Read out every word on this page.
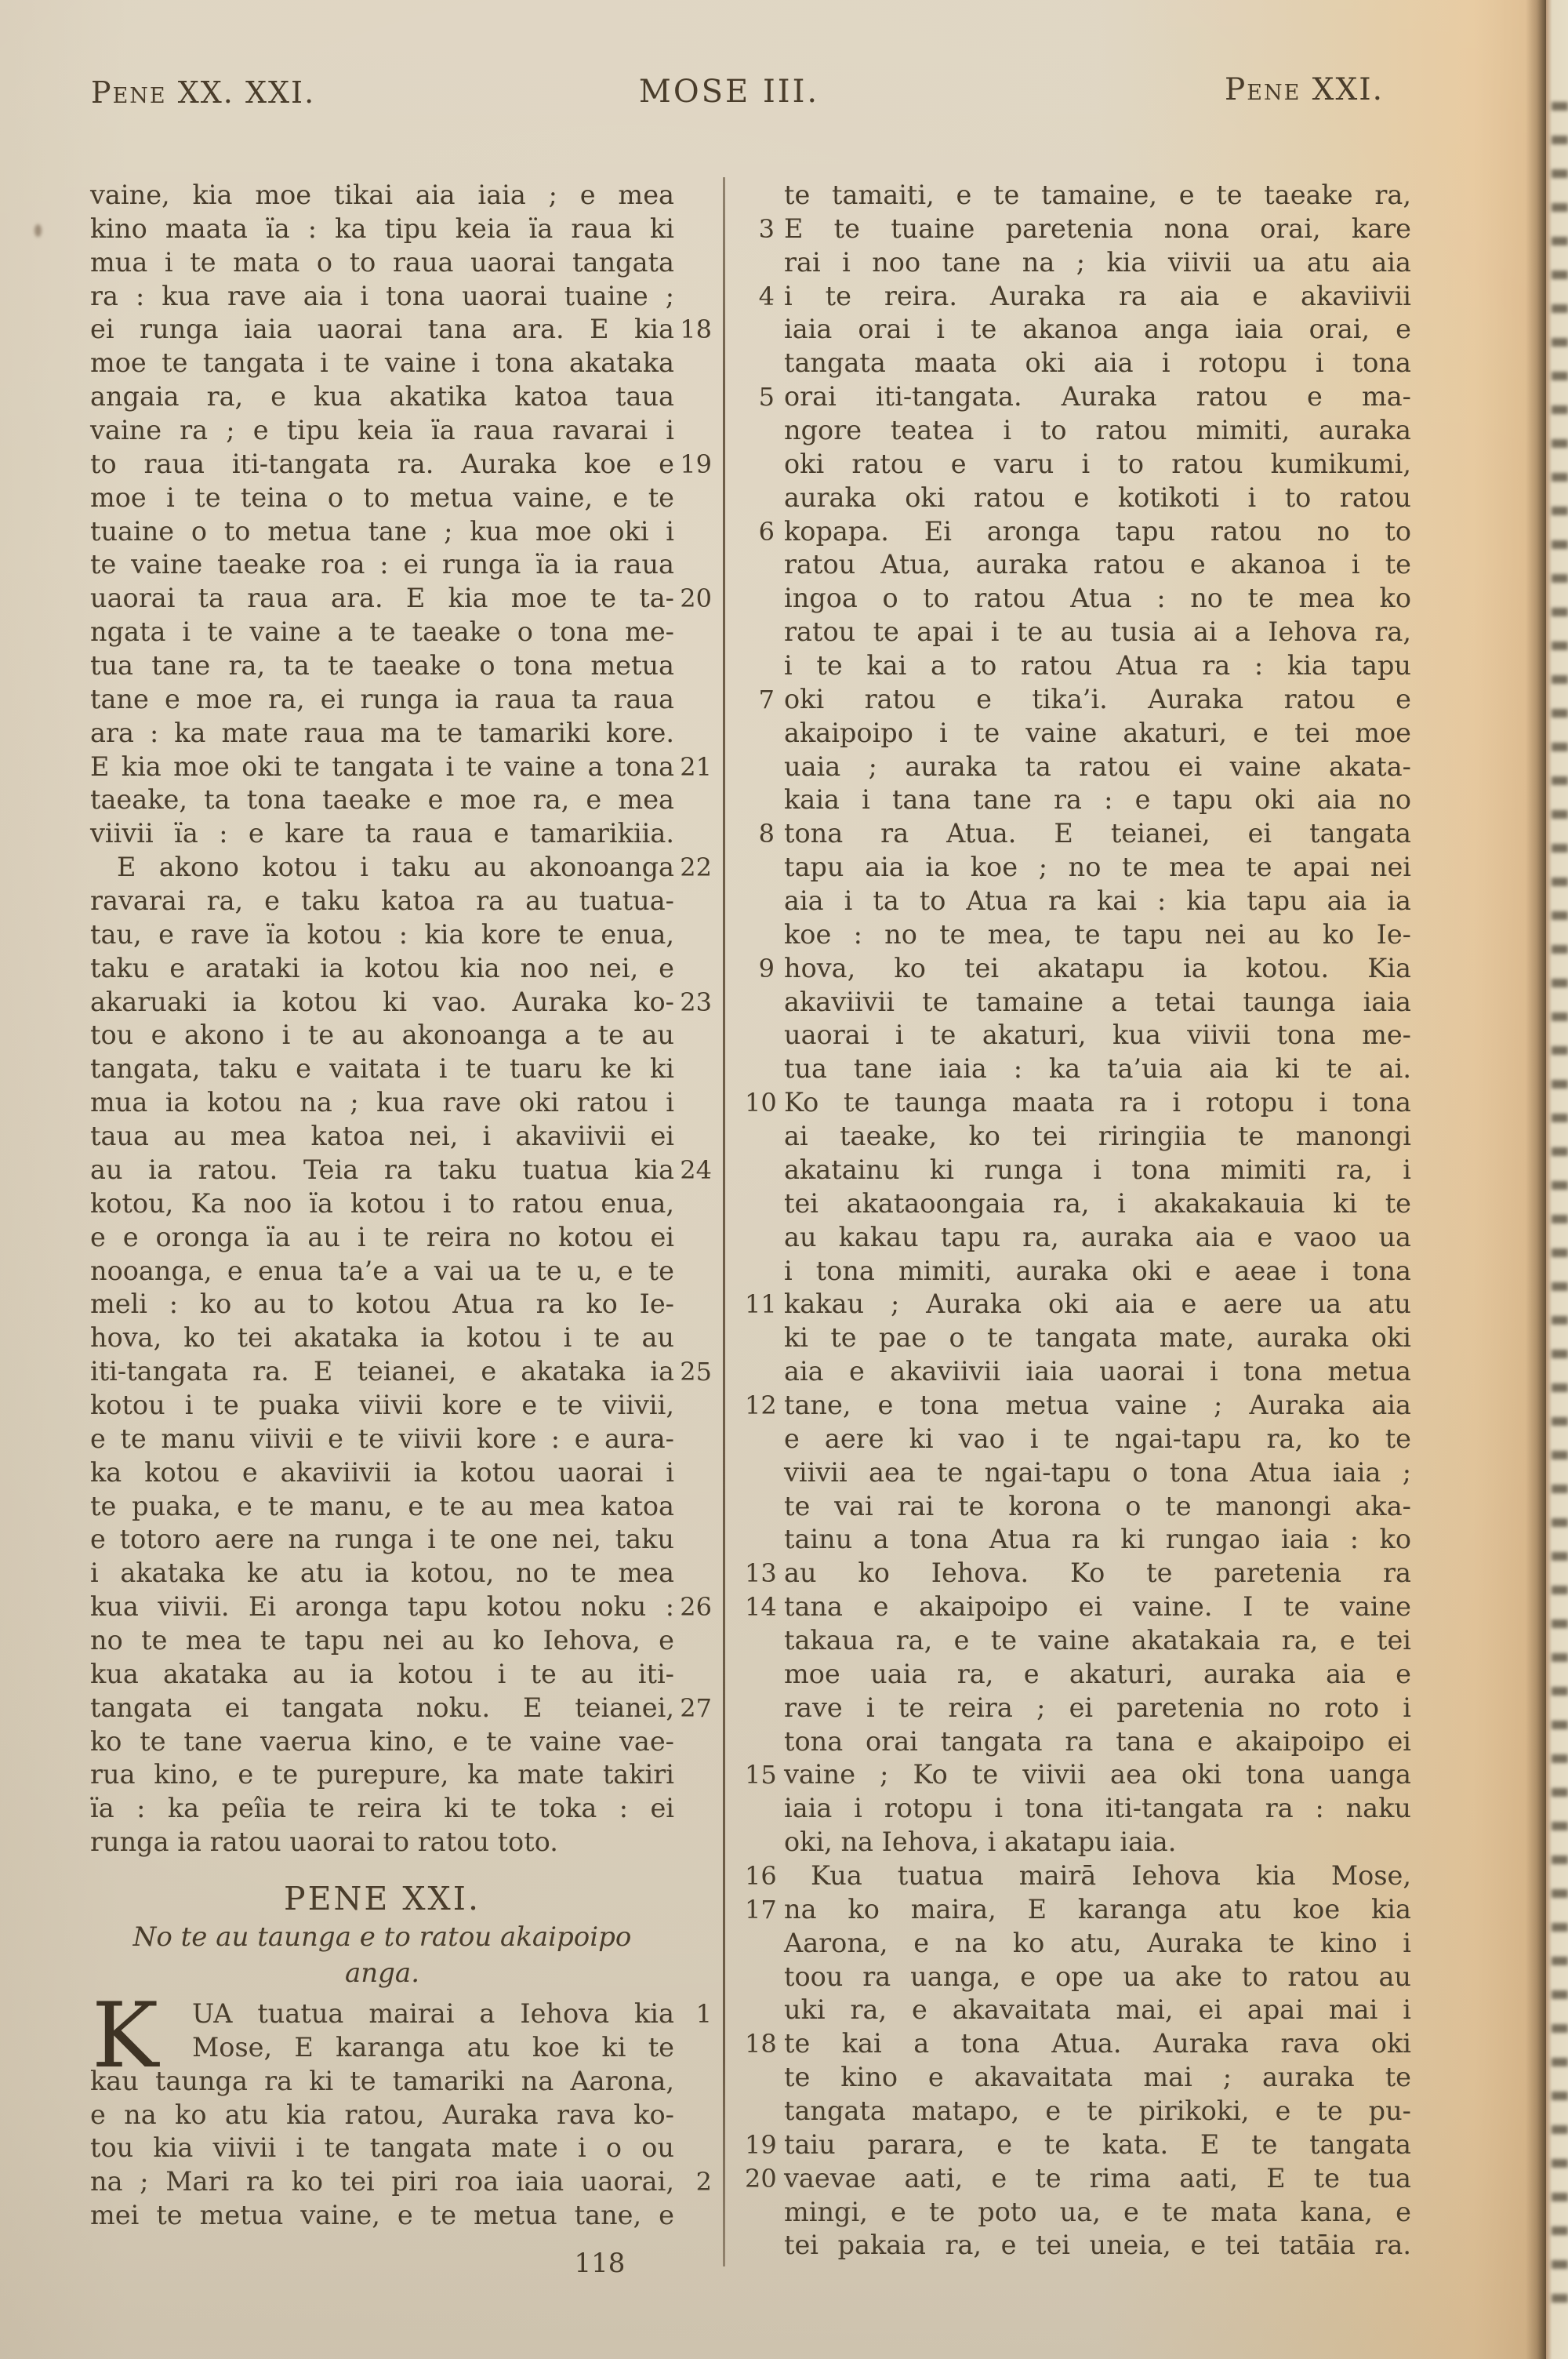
Pene XX. XXI.	MOSE III.	Pene XXI.
vaine, kia moe tikai aia iaia ; e mea
kino maata ïa : ka tipu keia ïa raua ki
mua i te mata o to raua uaorai tangata
ra : kua rave aia i tona uaorai tuaine ;
ei runga iaia uaorai tana ara. E kia 18
moe te tangata i te vaine i tona akataka
angaia ra, e kua akatika katoa taua
vaine ra ; e tipu keia ïa raua ravarai i
to raua iti-tangata ra. Auraka koe e 19
moe i te teina o to metua vaine, e te
tuaine o to metua tane ; kua moe oki i
te vaine taeake roa : ei runga ïa ia raua
uaorai ta raua ara. E kia moe te ta- 20
ngata i te vaine a te taeake o tona me-
tua tane ra, ta te taeake o tona metua
tane e moe ra, ei runga ia raua ta raua
ara : ka mate raua ma te tamariki kore.
E kia moe oki te tangata i te vaine a tona 21
taeake, ta tona taeake e moe ra, e mea
viivii ïa : e kare ta raua e tamarikiia.
E akono kotou i taku au akonoanga 22
ravarai ra, e taku katoa ra au tuatua-
tau, e rave ïa kotou : kia kore te enua,
taku e arataki ia kotou kia noo nei, e
akaruaki ia kotou ki vao. Auraka ko- 23
tou e akono i te au akonoanga a te au
tangata, taku e vaitata i te tuaru ke ki
mua ia kotou na ; kua rave oki ratou i
taua au mea katoa nei, i akaviivii ei
au ia ratou. Teia ra taku tuatua kia 24
kotou, Ka noo ïa kotou i to ratou enua,
e e oronga ïa au i te reira no kotou ei
nooanga, e enua ta’e a vai ua te u, e te
meli : ko au to kotou Atua ra ko Ie-
hova, ko tei akataka ia kotou i te au
iti-tangata ra. E teianei, e akataka ia 25
kotou i te puaka viivii kore e te viivii,
e te manu viivii e te viivii kore : e aura-
ka kotou e akaviivii ia kotou uaorai i
te puaka, e te manu, e te au mea katoa
e totoro aere na runga i te one nei, taku
i akataka ke atu ia kotou, no te mea
kua viivii. Ei aronga tapu kotou noku : 26
no te mea te tapu nei au ko Iehova, e
kua akataka au ia kotou i te au iti-
tangata ei tangata noku. E teianei, 27
ko te tane vaerua kino, e te vaine vae-
rua kino, e te purepure, ka mate takiri
ïa : ka peîia te reira ki te toka : ei
runga ia ratou uaorai to ratou toto.
PENE XXI.
No te au taunga e to ratou akaipoipo
anga.
K UA tuatua mairai a Iehova kia 1
Mose, E karanga atu koe ki te
kau taunga ra ki te tamariki na Aarona,
e na ko atu kia ratou, Auraka rava ko-
tou kia viivii i te tangata mate i o ou
na ; Mari ra ko tei piri roa iaia uaorai, 2
mei te metua vaine, e te metua tane, e
te tamaiti, e te tamaine, e te taeake ra,
3 E te tuaine paretenia nona orai, kare
rai i noo tane na ; kia viivii ua atu aia
4 i te reira. Auraka ra aia e akaviivii
iaia orai i te akanoa anga iaia orai, e
tangata maata oki aia i rotopu i tona
5 orai iti-tangata. Auraka ratou e ma-
ngore teatea i to ratou mimiti, auraka
oki ratou e varu i to ratou kumikumi,
auraka oki ratou e kotikoti i to ratou
6 kopapa. Ei aronga tapu ratou no to
ratou Atua, auraka ratou e akanoa i te
ingoa o to ratou Atua : no te mea ko
ratou te apai i te au tusia ai a Iehova ra,
i te kai a to ratou Atua ra : kia tapu
7 oki ratou e tika’i. Auraka ratou e
akaipoipo i te vaine akaturi, e tei moe
uaia ; auraka ta ratou ei vaine akata-
kaia i tana tane ra : e tapu oki aia no
8 tona ra Atua. E teianei, ei tangata
tapu aia ia koe ; no te mea te apai nei
aia i ta to Atua ra kai : kia tapu aia ia
koe : no te mea, te tapu nei au ko Ie-
9 hova, ko tei akatapu ia kotou. Kia
akaviivii te tamaine a tetai taunga iaia
uaorai i te akaturi, kua viivii tona me-
tua tane iaia : ka ta’uia aia ki te ai.
10 Ko te taunga maata ra i rotopu i tona
ai taeake, ko tei riringiia te manongi
akatainu ki runga i tona mimiti ra, i
tei akataoongaia ra, i akakakauia ki te
au kakau tapu ra, auraka aia e vaoo ua
i tona mimiti, auraka oki e aeae i tona
11 kakau ; Auraka oki aia e aere ua atu
ki te pae o te tangata mate, auraka oki
aia e akaviivii iaia uaorai i tona metua
12 tane, e tona metua vaine ; Auraka aia
e aere ki vao i te ngai-tapu ra, ko te
viivii aea te ngai-tapu o tona Atua iaia ;
te vai rai te korona o te manongi aka-
tainu a tona Atua ra ki rungao iaia : ko
13 au ko Iehova. Ko te paretenia ra
14 tana e akaipoipo ei vaine. I te vaine
takaua ra, e te vaine akatakaia ra, e tei
moe uaia ra, e akaturi, auraka aia e
rave i te reira ; ei paretenia no roto i
tona orai tangata ra tana e akaipoipo ei
15 vaine ; Ko te viivii aea oki tona uanga
iaia i rotopu i tona iti-tangata ra : naku
oki, na Iehova, i akatapu iaia.
16	Kua tuatua mairā Iehova kia Mose,
17 na ko maira, E karanga atu koe kia
Aarona, e na ko atu, Auraka te kino i
toou ra uanga, e ope ua ake to ratou au
uki ra, e akavaitata mai, ei apai mai i
18 te kai a tona Atua. Auraka rava oki
te kino e akavaitata mai ; auraka te
tangata matapo, e te pirikoki, e te pu-
19 taiu parara, e te kata. E te tangata
20 vaevae aati, e te rima aati, E te tua
mingi, e te poto ua, e te mata kana, e
tei pakaia ra, e tei uneia, e tei tatāia ra.
118
